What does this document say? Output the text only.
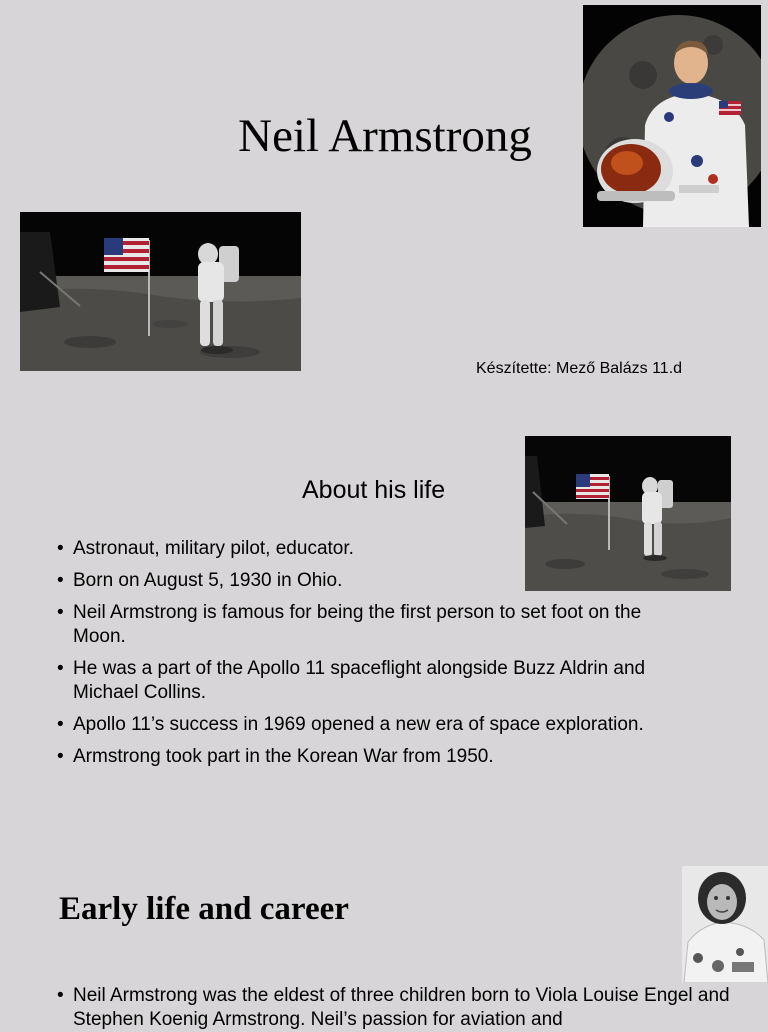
Neil Armstrong
Készítette: Mező Balázs 11.d
About his life
• Astronaut, military pilot, educator.
• Born on August 5, 1930 in Ohio.
• Neil Armstrong is famous for being the first person to set foot on the Moon.
• He was a part of the Apollo 11 spaceflight alongside Buzz Aldrin and Michael Collins.
• Apollo 11’s success in 1969 opened a new era of space exploration.
• Armstrong took part in the Korean War from 1950.
Early life and career
• Neil Armstrong was the eldest of three children born to Viola Louise Engel and Stephen Koenig Armstrong. Neil’s passion for aviation and
